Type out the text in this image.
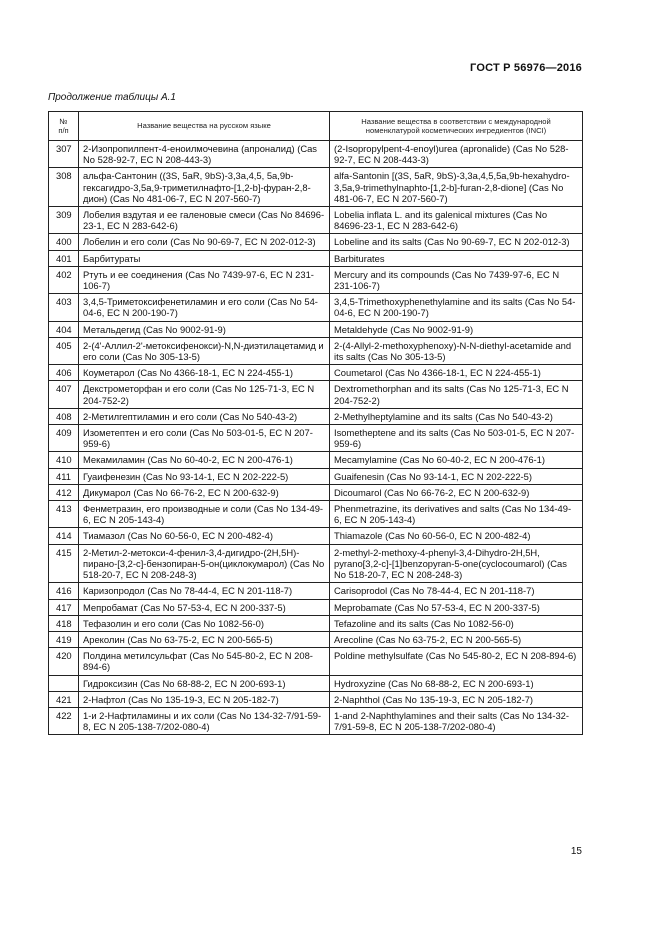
ГОСТ Р 56976—2016
Продолжение таблицы А.1
№
п/п	Название вещества на русском языке	Название вещества в соответствии с международной номенклатурой косметических ингредиентов (INCI)
307	2-Изопропилпент-4-еноилмочевина (апроналид) (Cas No 528-92-7, EC N 208-443-3)	(2-Isopropylpent-4-enoyl)urea (apronalide) (Cas No 528-92-7, EC N 208-443-3)
308	альфа-Сантонин ((3S, 5aR, 9bS)-3,3a,4,5, 5a,9b-гексагидро-3,5a,9-триметилнафто-[1,2-b]-фуран-2,8-дион) (Cas No 481-06-7, EC N 207-560-7)	alfa-Santonin [(3S, 5aR, 9bS)-3,3a,4,5,5a,9b-hexahydro-3,5a,9-trimethylnaphto-[1,2-b]-furan-2,8-dione] (Cas No 481-06-7, EC N 207-560-7)
309	Лобелия вздутая и ее галеновые смеси (Cas No 84696-23-1, EC N 283-642-6)	Lobelia inflata L. and its galenical mixtures (Cas No 84696-23-1, EC N 283-642-6)
400	Лобелин и его соли (Cas No 90-69-7, EC N 202-012-3)	Lobeline and its salts (Cas No 90-69-7, EC N 202-012-3)
401	Барбитураты	Barbiturates
402	Ртуть и ее соединения (Cas No 7439-97-6, EC N 231-106-7)	Mercury and its compounds (Cas No 7439-97-6, EC N 231-106-7)
403	3,4,5-Триметоксифенетиламин и его соли (Cas No 54-04-6, EC N 200-190-7)	3,4,5-Trimethoxyphenethylamine and its salts (Cas No 54-04-6, EC N 200-190-7)
404	Метальдегид (Cas No 9002-91-9)	Metaldehyde (Cas No 9002-91-9)
405	2-(4'-Аллил-2'-метоксифенокси)-N,N-диэтилацетамид и его соли (Cas No 305-13-5)	2-(4-Allyl-2-methoxyphenoxy)-N-N-diethyl-acetamide and its salts (Cas No 305-13-5)
406	Коуметарол (Cas No 4366-18-1, EC N 224-455-1)	Coumetarol (Cas No 4366-18-1, EC N 224-455-1)
407	Декстрометорфан и его соли (Cas No 125-71-3, EC N 204-752-2)	Dextromethorphan and its salts (Cas No 125-71-3, EC N 204-752-2)
408	2-Метилгептиламин и его соли (Cas No 540-43-2)	2-Methylheptylamine and its salts (Cas No 540-43-2)
409	Изометептен и его соли (Cas No 503-01-5, EC N 207-959-6)	Isometheptene and its salts (Cas No 503-01-5, EC N 207-959-6)
410	Мекамиламин (Cas No 60-40-2, EC N 200-476-1)	Mecamylamine (Cas No 60-40-2, EC N 200-476-1)
411	Гуаифенезин (Cas No 93-14-1, EC N 202-222-5)	Guaifenesin (Cas No 93-14-1, EC N 202-222-5)
412	Дикумарол (Cas No 66-76-2, EC N 200-632-9)	Dicoumarol (Cas No 66-76-2, EC N 200-632-9)
413	Фенметразин, его производные и соли (Cas No 134-49-6, EC N 205-143-4)	Phenmetrazine, its derivatives and salts (Cas No 134-49-6, EC N 205-143-4)
414	Тиамазол (Cas No 60-56-0, EC N 200-482-4)	Thiamazole (Cas No 60-56-0, EC N 200-482-4)
415	2-Метил-2-метокси-4-фенил-3,4-дигидро-(2Н,5Н)-пирано-[3,2-c]-бензопиран-5-он(циклокумарол) (Cas No 518-20-7, EC N 208-248-3)	2-methyl-2-methoxy-4-phenyl-3,4-Dihydro-2H,5H, pyrano[3,2-c]-[1]benzopyran-5-one(cyclocoumarol) (Cas No 518-20-7, EC N 208-248-3)
416	Каризопродол (Cas No 78-44-4, EC N 201-118-7)	Carisoprodol (Cas No 78-44-4, EC N 201-118-7)
417	Мепробамат (Cas No 57-53-4, EC N 200-337-5)	Meprobamate (Cas No 57-53-4, EC N 200-337-5)
418	Тефазолин и его соли (Cas No 1082-56-0)	Tefazoline and its salts (Cas No 1082-56-0)
419	Ареколин (Cas No 63-75-2, EC N 200-565-5)	Arecoline (Cas No 63-75-2, EC N 200-565-5)
420	Полдина метилсульфат (Cas No 545-80-2, EC N 208-894-6)	Poldine methylsulfate (Cas No 545-80-2, EC N 208-894-6)
	Гидроксизин (Cas No 68-88-2, EC N 200-693-1)	Hydroxyzine (Cas No 68-88-2, EC N 200-693-1)
421	2-Нафтол (Cas No 135-19-3, EC N 205-182-7)	2-Naphthol (Cas No 135-19-3, EC N 205-182-7)
422	1-и 2-Нафтиламины и их соли (Cas No 134-32-7/91-59-8, EC N 205-138-7/202-080-4)	1-and 2-Naphthylamines and their salts (Cas No 134-32-7/91-59-8, EC N 205-138-7/202-080-4)
15
